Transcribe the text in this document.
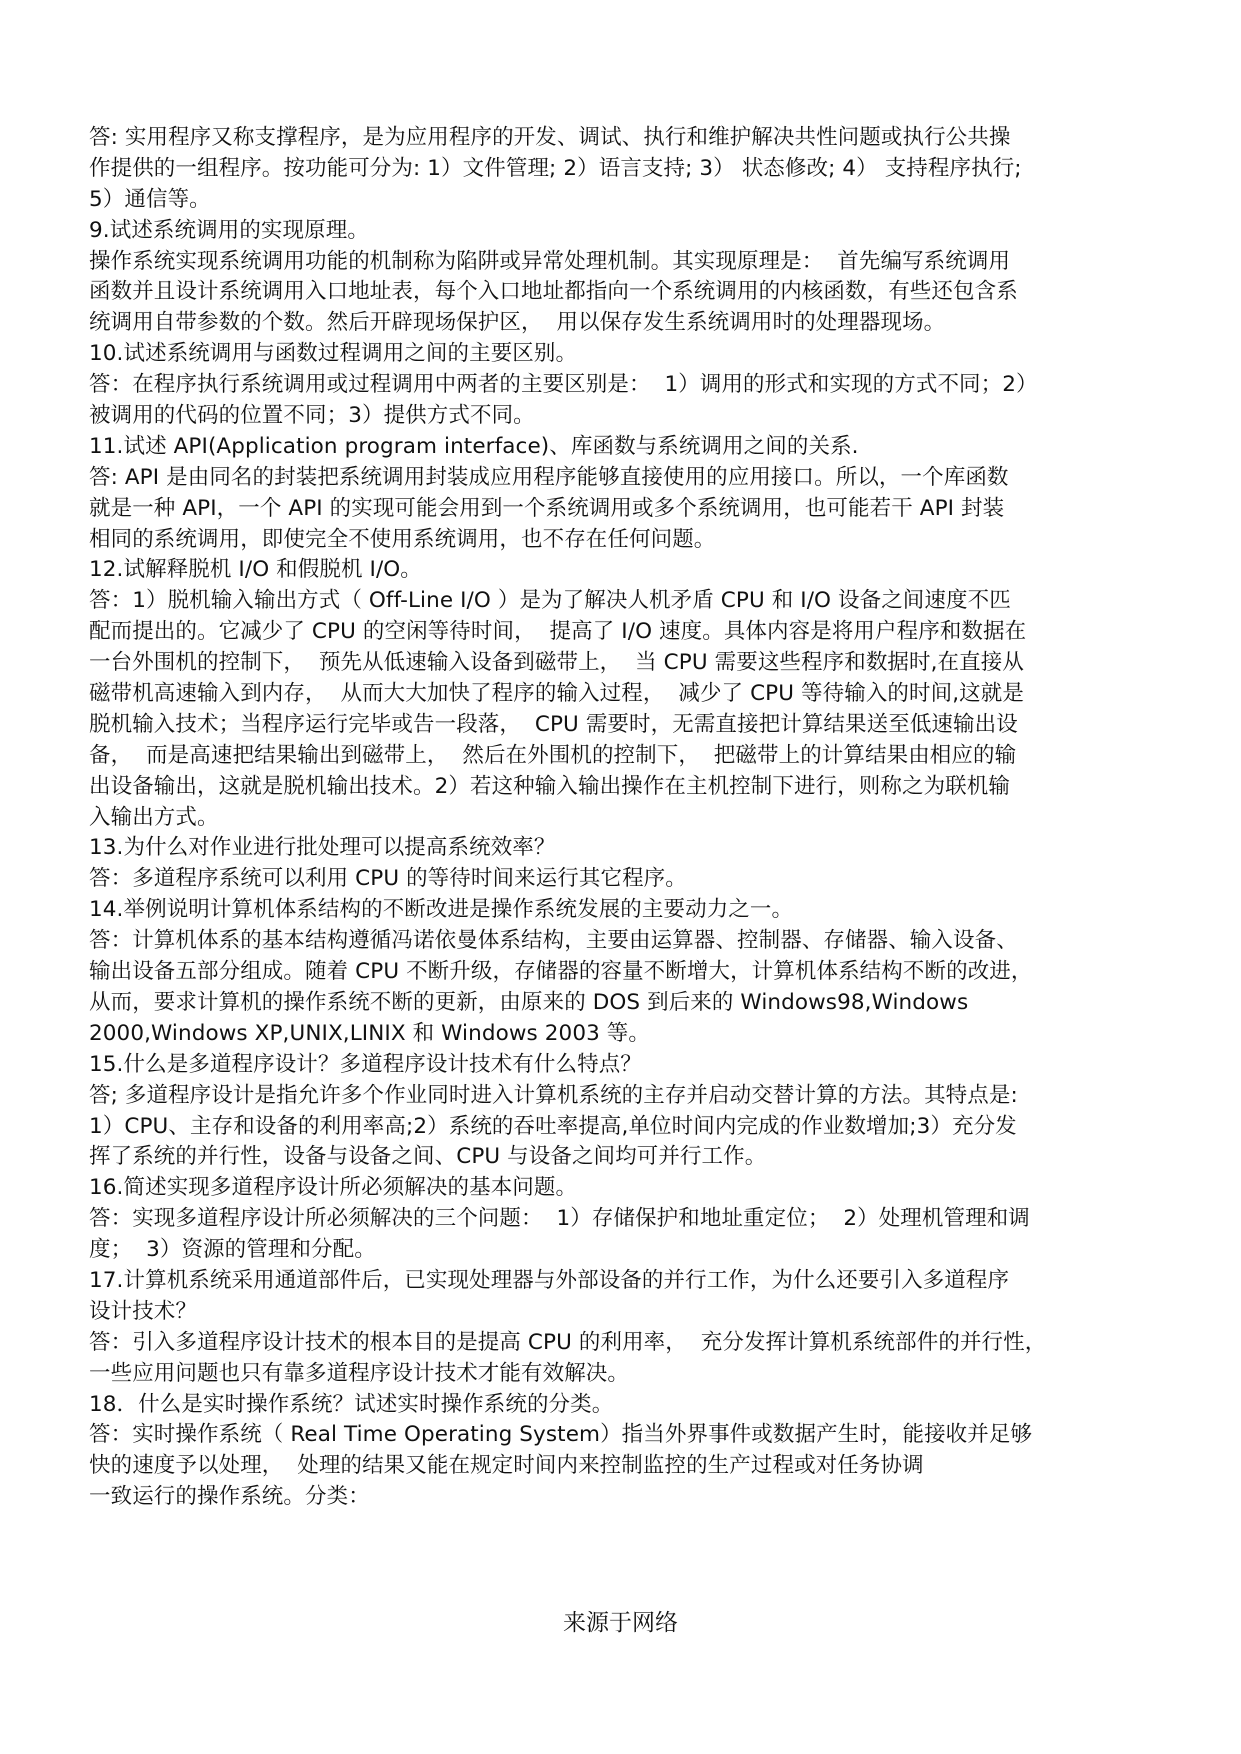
答: 实用程序又称支撑程序，是为应用程序的开发、调试、执行和维护解决共性问题或执行公共操
作提供的一组程序。按功能可分为: 1）文件管理; 2）语言支持; 3） 状态修改; 4） 支持程序执行;
5）通信等。
9.试述系统调用的实现原理。
操作系统实现系统调用功能的机制称为陷阱或异常处理机制。其实现原理是：  首先编写系统调用
函数并且设计系统调用入口地址表，每个入口地址都指向一个系统调用的内核函数，有些还包含系
统调用自带参数的个数。然后开辟现场保护区，  用以保存发生系统调用时的处理器现场。
10.试述系统调用与函数过程调用之间的主要区别。
答：在程序执行系统调用或过程调用中两者的主要区别是：  1）调用的形式和实现的方式不同；2）
被调用的代码的位置不同；3）提供方式不同。
11.试述 API(Application program interface)、库函数与系统调用之间的关系.
答: API 是由同名的封装把系统调用封装成应用程序能够直接使用的应用接口。所以，一个库函数
就是一种 API，一个 API 的实现可能会用到一个系统调用或多个系统调用，也可能若干 API 封装
相同的系统调用，即使完全不使用系统调用，也不存在任何问题。
12.试解释脱机 I/O 和假脱机 I/O。
答：1）脱机输入输出方式（ Off-Line I/O ）是为了解决人机矛盾 CPU 和 I/O 设备之间速度不匹
配而提出的。它减少了 CPU 的空闲等待时间，  提高了 I/O 速度。具体内容是将用户程序和数据在
一台外围机的控制下，  预先从低速输入设备到磁带上，  当 CPU 需要这些程序和数据时,在直接从
磁带机高速输入到内存，  从而大大加快了程序的输入过程，  减少了 CPU 等待输入的时间,这就是
脱机输入技术；当程序运行完毕或告一段落，  CPU 需要时，无需直接把计算结果送至低速输出设
备，  而是高速把结果输出到磁带上，  然后在外围机的控制下，  把磁带上的计算结果由相应的输
出设备输出，这就是脱机输出技术。2）若这种输入输出操作在主机控制下进行，则称之为联机输
入输出方式。
13.为什么对作业进行批处理可以提高系统效率？
答：多道程序系统可以利用 CPU 的等待时间来运行其它程序。
14.举例说明计算机体系结构的不断改进是操作系统发展的主要动力之一。
答：计算机体系的基本结构遵循冯诺依曼体系结构，主要由运算器、控制器、存储器、输入设备、
输出设备五部分组成。随着 CPU 不断升级，存储器的容量不断增大，计算机体系结构不断的改进，
从而，要求计算机的操作系统不断的更新，由原来的 DOS 到后来的 Windows98,Windows
2000,Windows XP,UNIX,LINIX 和 Windows 2003 等。
15.什么是多道程序设计？多道程序设计技术有什么特点？
答; 多道程序设计是指允许多个作业同时进入计算机系统的主存并启动交替计算的方法。其特点是:
1）CPU、主存和设备的利用率高;2）系统的吞吐率提高,单位时间内完成的作业数增加;3）充分发
挥了系统的并行性，设备与设备之间、CPU 与设备之间均可并行工作。
16.简述实现多道程序设计所必须解决的基本问题。
答：实现多道程序设计所必须解决的三个问题：  1）存储保护和地址重定位；  2）处理机管理和调
度；  3）资源的管理和分配。
17.计算机系统采用通道部件后，已实现处理器与外部设备的并行工作，为什么还要引入多道程序
设计技术？
答：引入多道程序设计技术的根本目的是提高 CPU 的利用率，  充分发挥计算机系统部件的并行性，
一些应用问题也只有靠多道程序设计技术才能有效解决。
18．什么是实时操作系统？试述实时操作系统的分类。
答：实时操作系统（ Real Time Operating System）指当外界事件或数据产生时，能接收并足够
快的速度予以处理，  处理的结果又能在规定时间内来控制监控的生产过程或对任务协调
一致运行的操作系统。分类：
来源于网络
